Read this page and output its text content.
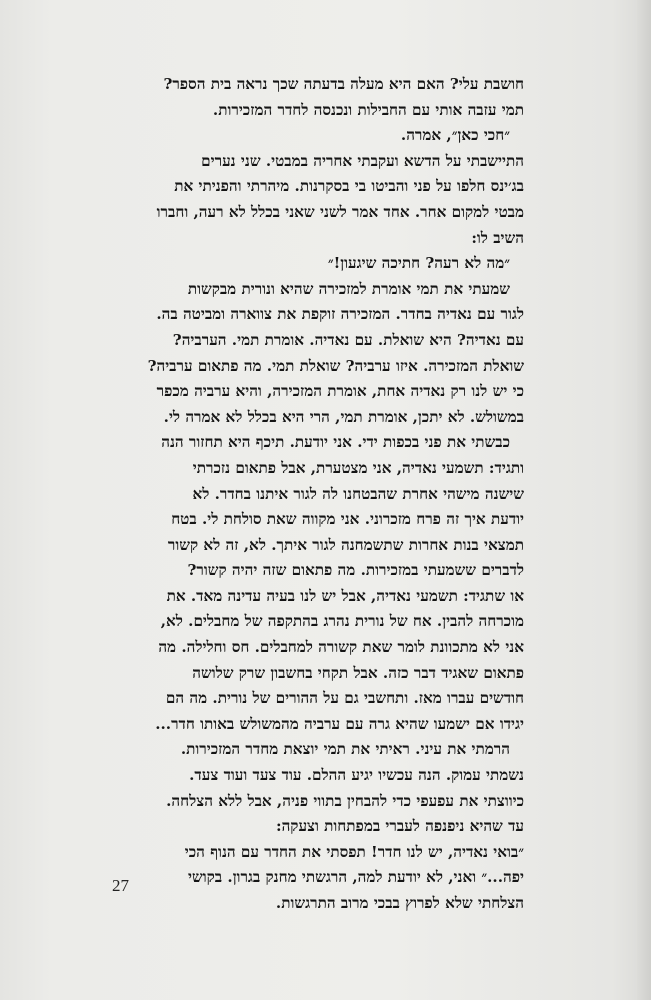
חושבת עלי? האם היא מעלה בדעתה שכך נראה בית הספר?

תמי עזבה אותי עם החבילות ונכנסה לחדר המזכירות.

״חכי כאן״, אמרה.

התיישבתי על הדשא ועקבתי אחריה במבטי. שני נערים

בג׳ינס חלפו על פני והביטו בי בסקרנות. מיהרתי והפניתי את

מבטי למקום אחר. אחד אמר לשני שאני בכלל לא רעה, וחברו

השיב לו:

״מה לא רעה? חתיכה שיגעון!״

שמעתי את תמי אומרת למזכירה שהיא ונורית מבקשות

לגור עם נאדיה בחדר. המזכירה זוקפת את צווארה ומביטה בה.

עם נאדיה? היא שואלת. עם נאדיה. אומרת תמי. הערביה?

שואלת המזכירה. איזו ערביה? שואלת תמי. מה פתאום ערביה?

כי יש לנו רק נאדיה אחת, אומרת המזכירה, והיא ערביה מכפר

במשולש. לא יתכן, אומרת תמי, הרי היא בכלל לא אמרה לי.

כבשתי את פני בכפות ידי. אני יודעת. תיכף היא תחזור הנה

ותגיד: תשמעי נאדיה, אני מצטערת, אבל פתאום נזכרתי

שישנה מישהי אחרת שהבטחנו לה לגור איתנו בחדר. לא

יודעת איך זה פרח מזכרוני. אני מקווה שאת סולחת לי. בטח

תמצאי בנות אחרות שתשמחנה לגור איתך. לא, זה לא קשור

לדברים ששמעתי במזכירות. מה פתאום שזה יהיה קשור?

או שתגיד: תשמעי נאדיה, אבל יש לנו בעיה עדינה מאד. את

מוכרחה להבין. אח של נורית נהרג בהתקפה של מחבלים. לא,

אני לא מתכוונת לומר שאת קשורה למחבלים. חס וחלילה. מה

פתאום שאגיד דבר כזה. אבל תקחי בחשבון שרק שלושה

חודשים עברו מאז. ותחשבי גם על ההורים של נורית. מה הם

יגידו אם ישמעו שהיא גרה עם ערביה מהמשולש באותו חדר...

הרמתי את עיני. ראיתי את תמי יוצאת מחדר המזכירות.

נשמתי עמוק. הנה עכשיו יגיע ההלם. עוד צעד ועוד צעד.

כיווצתי את עפעפי כדי להבחין בתווי פניה, אבל ללא הצלחה.

עד שהיא ניפנפה לעברי במפתחות וצעקה:

״בואי נאדיה, יש לנו חדר! תפסתי את החדר עם הנוף הכי

יפה...״ ואני, לא יודעת למה, הרגשתי מחנק בגרון. בקושי

הצלחתי שלא לפרוץ בבכי מרוב התרגשות.

27
